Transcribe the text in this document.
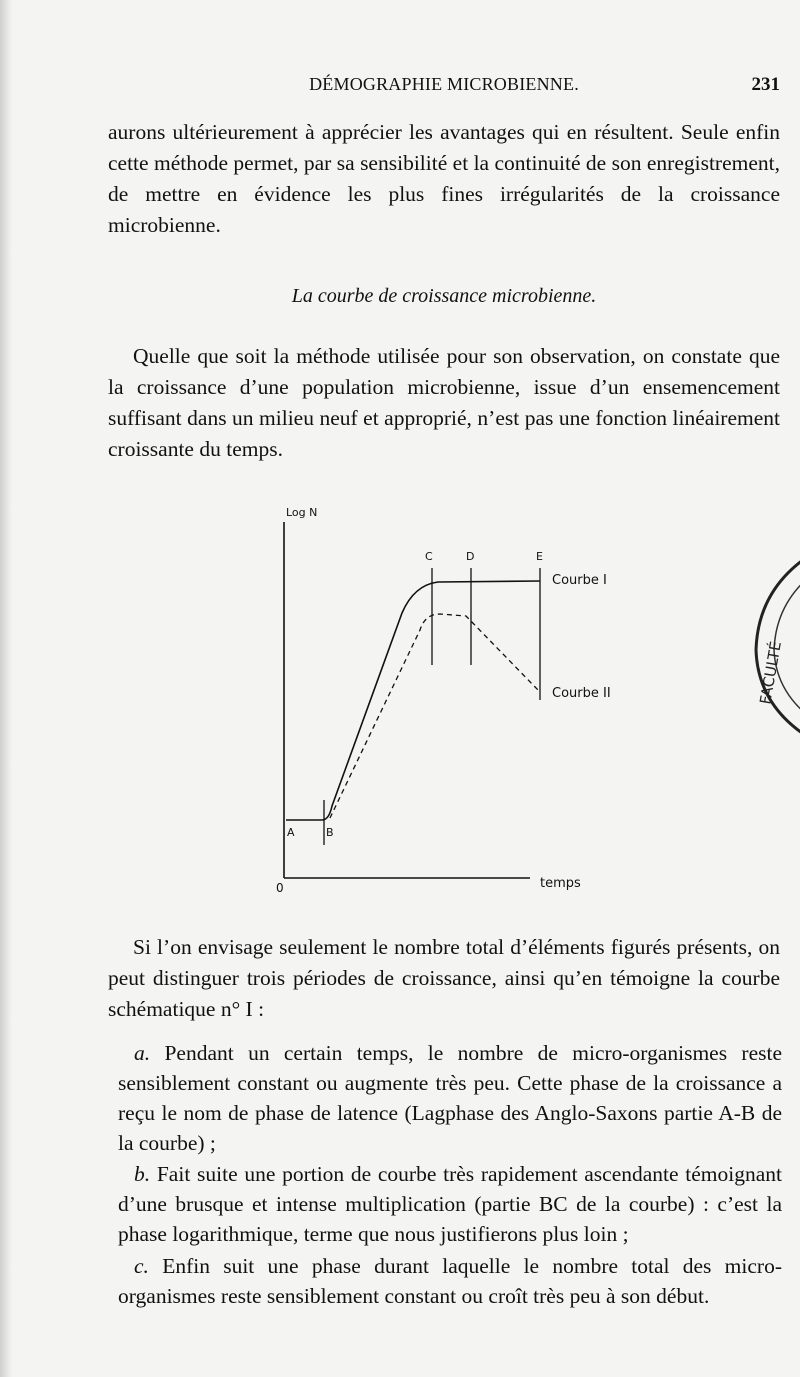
DÉMOGRAPHIE MICROBIENNE.	231

aurons ultérieurement à apprécier les avantages qui en résultent. Seule enfin cette méthode permet, par sa sensibilité et la continuité de son enregistrement, de mettre en évidence les plus fines irrégularités de la croissance microbienne.

La courbe de croissance microbienne.

Quelle que soit la méthode utilisée pour son observation, on constate que la croissance d’une population microbienne, issue d’un ensemencement suffisant dans un milieu neuf et approprié, n’est pas une fonction linéairement croissante du temps.

Log N
temps
0
A	B
C	D	E
Courbe I
Courbe II	FACULTÉ

Si l’on envisage seulement le nombre total d’éléments figurés présents, on peut distinguer trois périodes de croissance, ainsi qu’en témoigne la courbe schématique n° I :

a. Pendant un certain temps, le nombre de micro-organismes reste sensiblement constant ou augmente très peu. Cette phase de la croissance a reçu le nom de phase de latence (Lagphase des Anglo-Saxons partie A-B de la courbe) ;

b. Fait suite une portion de courbe très rapidement ascendante témoignant d’une brusque et intense multiplication (partie BC de la courbe) : c’est la phase logarithmique, terme que nous justifierons plus loin ;

c. Enfin suit une phase durant laquelle le nombre total des micro-organismes reste sensiblement constant ou croît très peu à son début.
